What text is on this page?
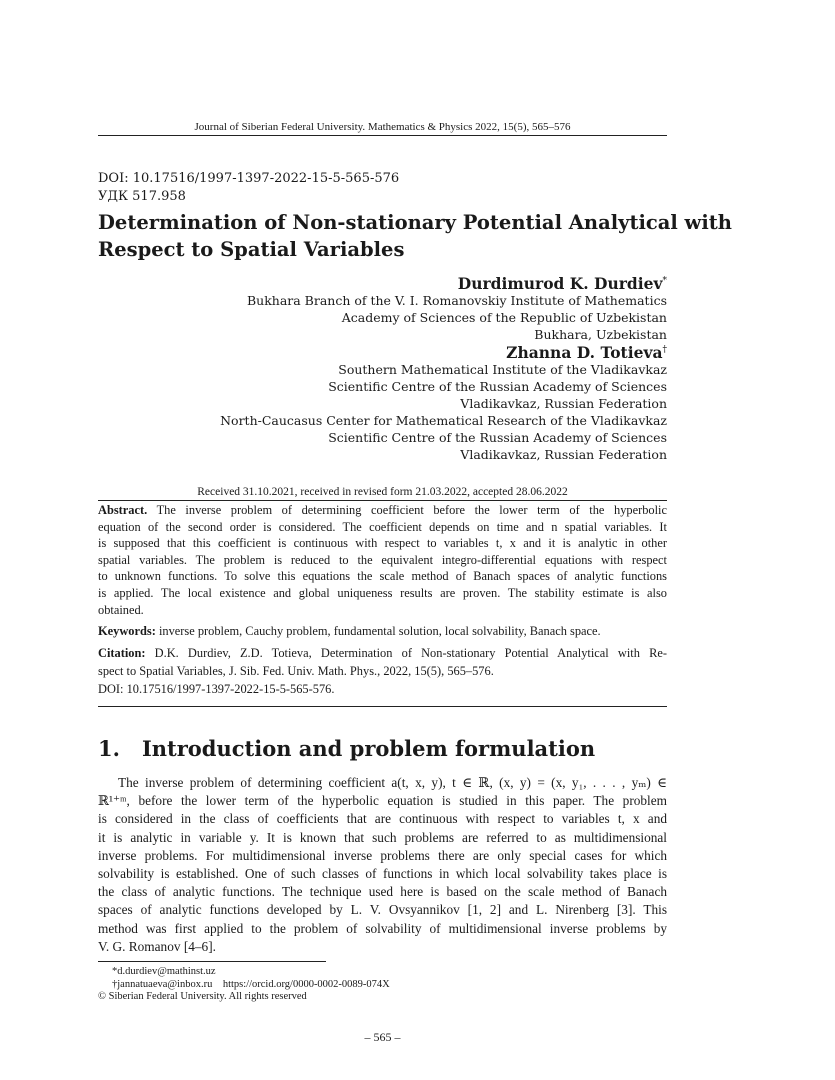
Journal of Siberian Federal University. Mathematics & Physics 2022, 15(5), 565–576
DOI: 10.17516/1997-1397-2022-15-5-565-576
УДК 517.958
Determination of Non-stationary Potential Analytical with
Respect to Spatial Variables
Durdimurod K. Durdiev*
Bukhara Branch of the V. I. Romanovskiy Institute of Mathematics
Academy of Sciences of the Republic of Uzbekistan
Bukhara, Uzbekistan
Zhanna D. Totieva†
Southern Mathematical Institute of the Vladikavkaz
Scientific Centre of the Russian Academy of Sciences
Vladikavkaz, Russian Federation
North-Caucasus Center for Mathematical Research of the Vladikavkaz
Scientific Centre of the Russian Academy of Sciences
Vladikavkaz, Russian Federation
Received 31.10.2021, received in revised form 21.03.2022, accepted 28.06.2022
Abstract. The inverse problem of determining coefficient before the lower term of the hyperbolic
equation of the second order is considered. The coefficient depends on time and n spatial variables. It
is supposed that this coefficient is continuous with respect to variables t, x and it is analytic in other
spatial variables. The problem is reduced to the equivalent integro-differential equations with respect
to unknown functions. To solve this equations the scale method of Banach spaces of analytic functions
is applied. The local existence and global uniqueness results are proven. The stability estimate is also
obtained.
Keywords: inverse problem, Cauchy problem, fundamental solution, local solvability, Banach space.
Citation: D.K. Durdiev, Z.D. Totieva, Determination of Non-stationary Potential Analytical with Re-
spect to Spatial Variables, J. Sib. Fed. Univ. Math. Phys., 2022, 15(5), 565–576.
DOI: 10.17516/1997-1397-2022-15-5-565-576.
1. Introduction and problem formulation
The inverse problem of determining coefficient a(t, x, y), t ∈ ℝ, (x, y) = (x, y₁, . . . , yₘ) ∈
ℝ¹⁺ᵐ, before the lower term of the hyperbolic equation is studied in this paper. The problem
is considered in the class of coefficients that are continuous with respect to variables t, x and
it is analytic in variable y. It is known that such problems are referred to as multidimensional
inverse problems. For multidimensional inverse problems there are only special cases for which
solvability is established. One of such classes of functions in which local solvability takes place is
the class of analytic functions. The technique used here is based on the scale method of Banach
spaces of analytic functions developed by L. V. Ovsyannikov [1, 2] and L. Nirenberg [3]. This
method was first applied to the problem of solvability of multidimensional inverse problems by
V. G. Romanov [4–6].
*d.durdiev@mathinst.uz
†jannatuaeva@inbox.ru    https://orcid.org/0000-0002-0089-074X
© Siberian Federal University. All rights reserved
– 565 –
